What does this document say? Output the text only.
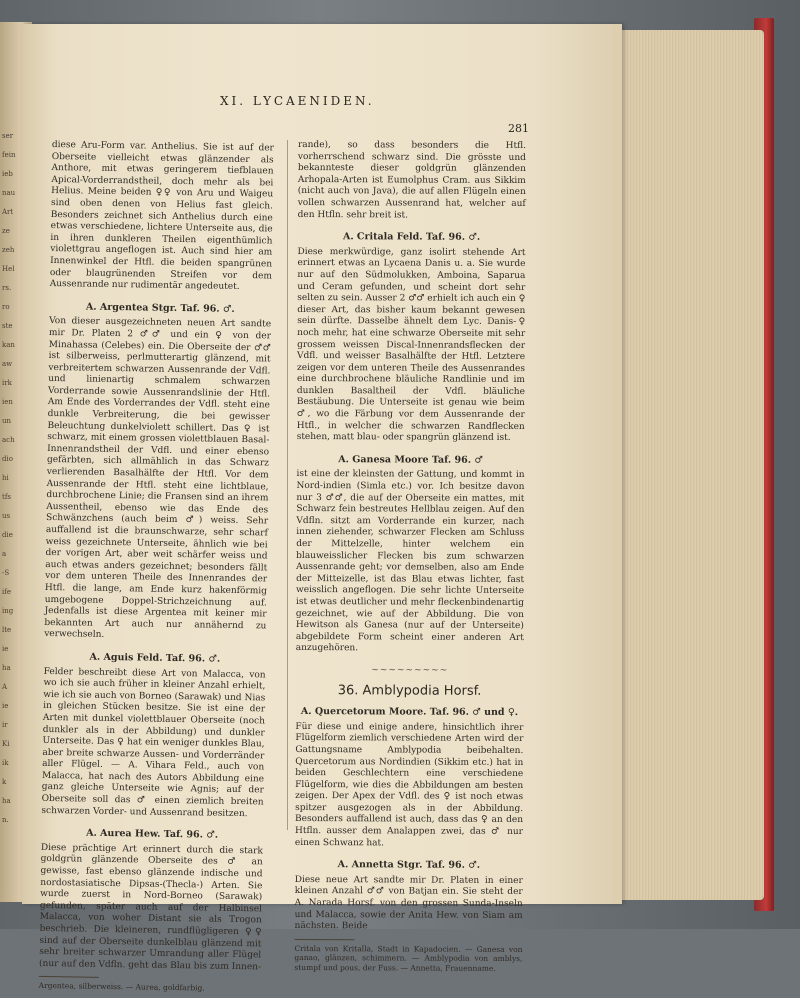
ser
fein
ieb
nau
Art
ze
zeh
Hel
rs.
ro
ste
kan
aw
irk
ien
un
ach
dio
hi
tfs
us
die
a
-S
ife
ing
lte
ie
ha
A
ie
ir
Ki
ik
k
ha
n.
XI. LYCAENIDEN.
281

diese Aru-Form var. Anthelius. Sie ist auf der Oberseite vielleicht etwas glänzender als Anthore, mit etwas geringerem tiefblauen Apical-Vorderrandstheil, doch mehr als bei Helius. Meine beiden ♀♀ von Aru und Waigeu sind oben denen von Helius fast gleich. Besonders zeichnet sich Anthelius durch eine etwas verschiedene, lichtere Unterseite aus, die in ihren dunkleren Theilen eigenthümlich violettgrau angeflogen ist. Auch sind hier am Innenwinkel der Htfl. die beiden spangrünen oder blaugrünenden Streifen vor dem Aussenrande nur rudimentär angedeutet.

A. Argentea Stgr. Taf. 96. ♂.

Von dieser ausgezeichneten neuen Art sandte mir Dr. Platen 2 ♂♂ und ein ♀ von der Minahassa (Celebes) ein. Die Oberseite der ♂♂ ist silberweiss, perlmutterartig glänzend, mit verbreitertem schwarzen Aussenrande der Vdfl. und linienartig schmalem schwarzen Vorderrande sowie Aussenrandslinie der Htfl. Am Ende des Vorderrandes der Vdfl. steht eine dunkle Verbreiterung, die bei gewisser Beleuchtung dunkelviolett schillert. Das ♀ ist schwarz, mit einem grossen violettblauen Basal-Innenrandstheil der Vdfl. und einer ebenso gefärbten, sich allmählich in das Schwarz verlierenden Basalhälfte der Htfl. Vor dem Aussenrande der Htfl. steht eine lichtblaue, durchbrochene Linie; die Fransen sind an ihrem Aussentheil, ebenso wie das Ende des Schwänzchens (auch beim ♂) weiss. Sehr auffallend ist die braunschwarze, sehr scharf weiss gezeichnete Unterseite, ähnlich wie bei der vorigen Art, aber weit schärfer weiss und auch etwas anders gezeichnet; besonders fällt vor dem unteren Theile des Innenrandes der Htfl. die lange, am Ende kurz hakenförmig umgebogene Doppel-Strichzeichnung auf. Jedenfalls ist diese Argentea mit keiner mir bekannten Art auch nur annähernd zu verwechseln.

A. Aguis Feld. Taf. 96. ♂.

Felder beschreibt diese Art von Malacca, von wo ich sie auch früher in kleiner Anzahl erhielt, wie ich sie auch von Borneo (Sarawak) und Nias in gleichen Stücken besitze. Sie ist eine der Arten mit dunkel violettblauer Oberseite (noch dunkler als in der Abbildung) und dunkler Unterseite. Das ♀ hat ein weniger dunkles Blau, aber breite schwarze Aussen- und Vorderränder aller Flügel. — A. Vihara Feld., auch von Malacca, hat nach des Autors Abbildung eine ganz gleiche Unterseite wie Agnis; auf der Oberseite soll das ♂ einen ziemlich breiten schwarzen Vorder- und Aussenrand besitzen.

A. Aurea Hew. Taf. 96. ♂.

Diese prächtige Art erinnert durch die stark goldgrün glänzende Oberseite des ♂ an gewisse, fast ebenso glänzende indische und nordostasiatische Dipsas-(Thecla-) Arten. Sie wurde zuerst in Nord-Borneo (Sarawak) gefunden, später auch auf der Halbinsel Malacca, von woher Distant sie als Trogon beschrieb. Die kleineren, rundflügligeren ♀♀ sind auf der Oberseite dunkelblau glänzend mit sehr breiter schwarzer Umrandung aller Flügel (nur auf den Vdfln. geht das Blau bis zum Innen-

Argentea, silberweiss. — Aurea, goldfarbig.

rande), so dass besonders die Htfl. vorherrschend schwarz sind. Die grösste und bekannteste dieser goldgrün glänzenden Arhopala-Arten ist Eumolphus Cram. aus Sikkim (nicht auch von Java), die auf allen Flügeln einen vollen schwarzen Aussenrand hat, welcher auf den Htfln. sehr breit ist.

A. Critala Feld. Taf. 96. ♂.

Diese merkwürdige, ganz isolirt stehende Art erinnert etwas an Lycaena Danis u. a. Sie wurde nur auf den Südmolukken, Amboina, Saparua und Ceram gefunden, und scheint dort sehr selten zu sein. Ausser 2 ♂♂ erhielt ich auch ein ♀ dieser Art, das bisher kaum bekannt gewesen sein dürfte. Dasselbe ähnelt dem Lyc. Danis-♀ noch mehr, hat eine schwarze Oberseite mit sehr grossem weissen Discal-Innenrandsflecken der Vdfl. und weisser Basalhälfte der Htfl. Letztere zeigen vor dem unteren Theile des Aussenrandes eine durchbrochene bläuliche Randlinie und im dunklen Basaltheil der Vdfl. bläuliche Bestäubung. Die Unterseite ist genau wie beim ♂, wo die Färbung vor dem Aussenrande der Htfl., in welcher die schwarzen Randflecken stehen, matt blau- oder spangrün glänzend ist.

A. Ganesa Moore Taf. 96. ♂

ist eine der kleinsten der Gattung, und kommt in Nord-indien (Simla etc.) vor. Ich besitze davon nur 3 ♂♂, die auf der Oberseite ein mattes, mit Schwarz fein bestreutes Hellblau zeigen. Auf den Vdfln. sitzt am Vorderrande ein kurzer, nach innen ziehender, schwarzer Flecken am Schluss der Mittelzelle, hinter welchem ein blauweisslicher Flecken bis zum schwarzen Aussenrande geht; vor demselben, also am Ende der Mitteizelle, ist das Blau etwas lichter, fast weisslich angeflogen. Die sehr lichte Unterseite ist etwas deutlicher und mehr fleckenbindenartig gezeichnet, wie auf der Abbildung. Die von Hewitson als Ganesa (nur auf der Unterseite) abgebildete Form scheint einer anderen Art anzugehören.

~~~~~~~~~
36. Amblypodia Horsf.
A. Quercetorum Moore. Taf. 96. ♂ und ♀.

Für diese und einige andere, hinsichtlich ihrer Flügelform ziemlich verschiedene Arten wird der Gattungsname Amblypodia beibehalten. Quercetorum aus Nordindien (Sikkim etc.) hat in beiden Geschlechtern eine verschiedene Flügelform, wie dies die Abbildungen am besten zeigen. Der Apex der Vdfl. des ♀ ist noch etwas spitzer ausgezogen als in der Abbildung. Besonders auffallend ist auch, dass das ♀ an den Htfln. ausser dem Analappen zwei, das ♂ nur einen Schwanz hat.

A. Annetta Stgr. Taf. 96. ♂.

Diese neue Art sandte mir Dr. Platen in einer kleinen Anzahl ♂♂ von Batjan ein. Sie steht der A. Narada Horsf. von den grossen Sunda-Inseln und Malacca, sowie der Anita Hew. von Siam am nächsten. Beide

Critala von Kritalla, Stadt in Kapadocien. — Ganesa von ganao, glänzen, schimmern. — Amblypodia von amblys, stumpf und pous, der Fuss. — Annetta, Frauenname.
